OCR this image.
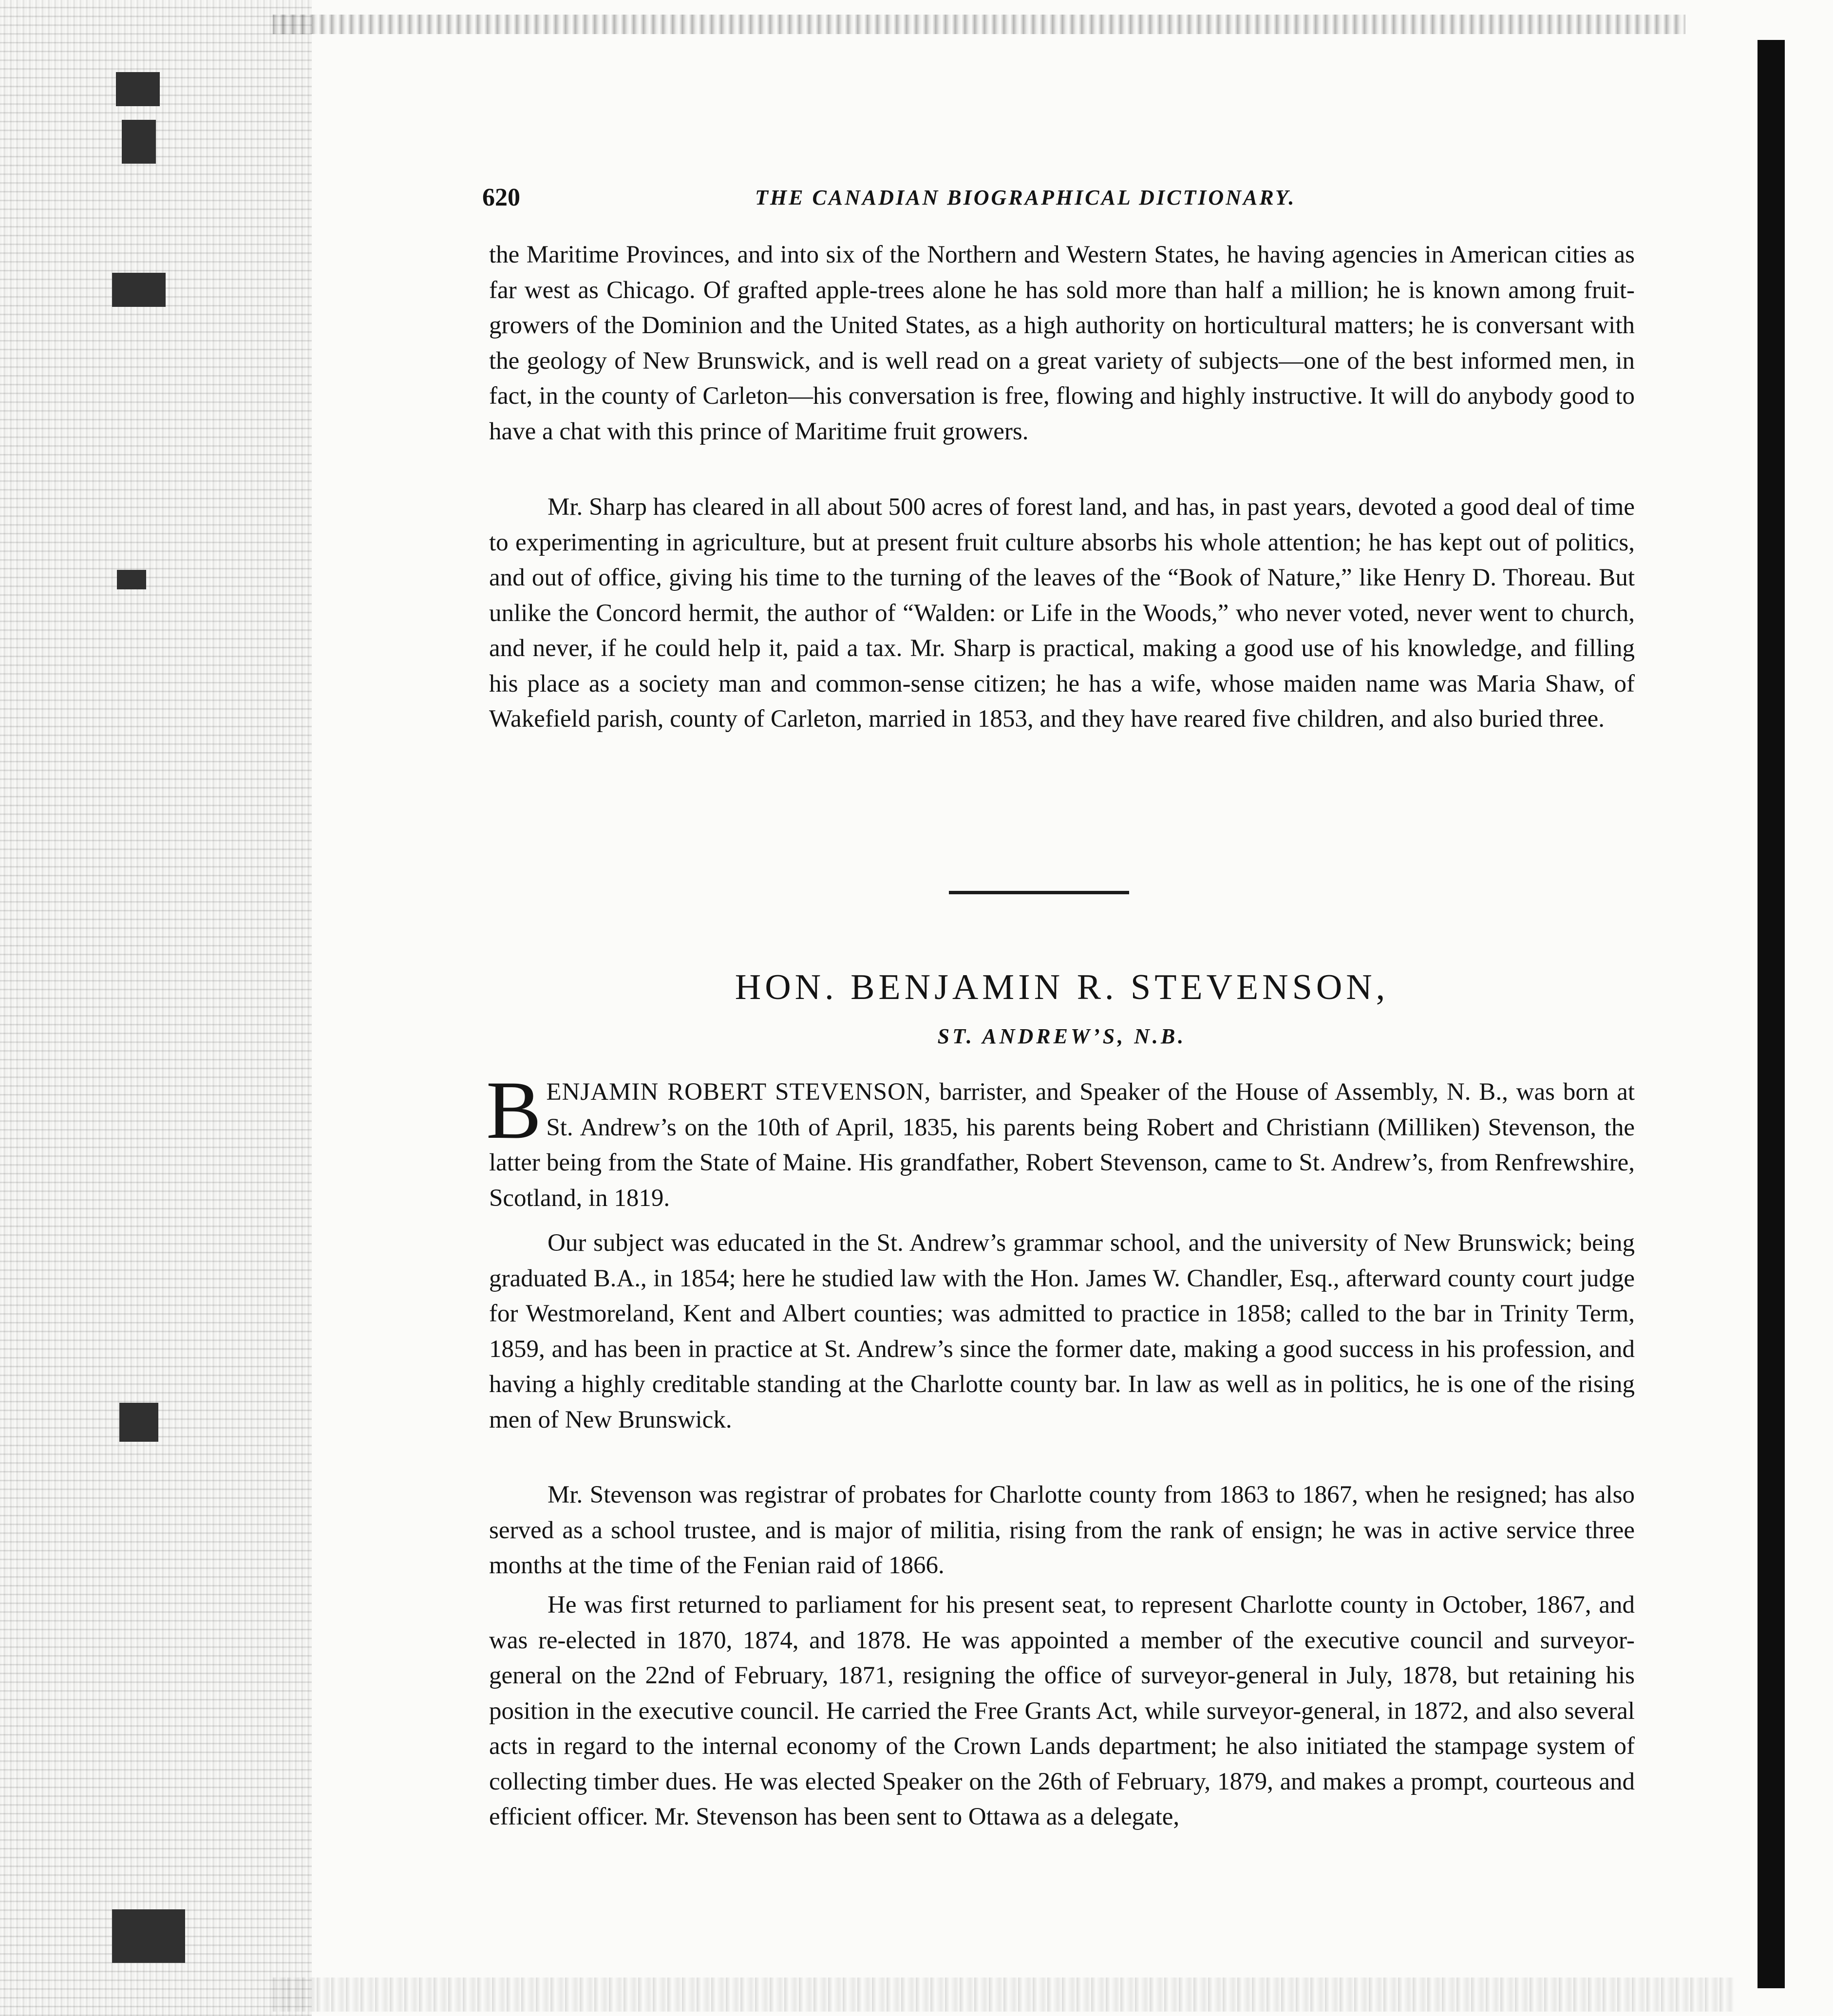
620	THE CANADIAN BIOGRAPHICAL DICTIONARY.

the Maritime Provinces, and into six of the Northern and Western States, he having agencies in American cities as far west as Chicago. Of grafted apple-trees alone he has sold more than half a million; he is known among fruit-growers of the Dominion and the United States, as a high authority on horticultural matters; he is conversant with the geology of New Brunswick, and is well read on a great variety of subjects—one of the best informed men, in fact, in the county of Carleton—his conversation is free, flowing and highly instructive. It will do anybody good to have a chat with this prince of Maritime fruit growers.

Mr. Sharp has cleared in all about 500 acres of forest land, and has, in past years, devoted a good deal of time to experimenting in agriculture, but at present fruit culture absorbs his whole attention; he has kept out of politics, and out of office, giving his time to the turning of the leaves of the “Book of Nature,” like Henry D. Thoreau. But unlike the Concord hermit, the author of “Walden: or Life in the Woods,” who never voted, never went to church, and never, if he could help it, paid a tax. Mr. Sharp is practical, making a good use of his knowledge, and filling his place as a society man and common-sense citizen; he has a wife, whose maiden name was Maria Shaw, of Wakefield parish, county of Carleton, married in 1853, and they have reared five children, and also buried three.

HON. BENJAMIN R. STEVENSON,
ST. ANDREW’S, N.B.

BENJAMIN ROBERT STEVENSON, barrister, and Speaker of the House of Assembly, N. B., was born at St. Andrew’s on the 10th of April, 1835, his parents being Robert and Christiann (Milliken) Stevenson, the latter being from the State of Maine. His grandfather, Robert Stevenson, came to St. Andrew’s, from Renfrewshire, Scotland, in 1819.

Our subject was educated in the St. Andrew’s grammar school, and the university of New Brunswick; being graduated B.A., in 1854; here he studied law with the Hon. James W. Chandler, Esq., afterward county court judge for Westmoreland, Kent and Albert counties; was admitted to practice in 1858; called to the bar in Trinity Term, 1859, and has been in practice at St. Andrew’s since the former date, making a good success in his profession, and having a highly creditable standing at the Charlotte county bar. In law as well as in politics, he is one of the rising men of New Brunswick.

Mr. Stevenson was registrar of probates for Charlotte county from 1863 to 1867, when he resigned; has also served as a school trustee, and is major of militia, rising from the rank of ensign; he was in active service three months at the time of the Fenian raid of 1866.

He was first returned to parliament for his present seat, to represent Charlotte county in October, 1867, and was re-elected in 1870, 1874, and 1878. He was appointed a member of the executive council and surveyor-general on the 22nd of February, 1871, resigning the office of surveyor-general in July, 1878, but retaining his position in the executive council. He carried the Free Grants Act, while surveyor-general, in 1872, and also several acts in regard to the internal economy of the Crown Lands department; he also initiated the stampage system of collecting timber dues. He was elected Speaker on the 26th of February, 1879, and makes a prompt, courteous and efficient officer. Mr. Stevenson has been sent to Ottawa as a delegate,
